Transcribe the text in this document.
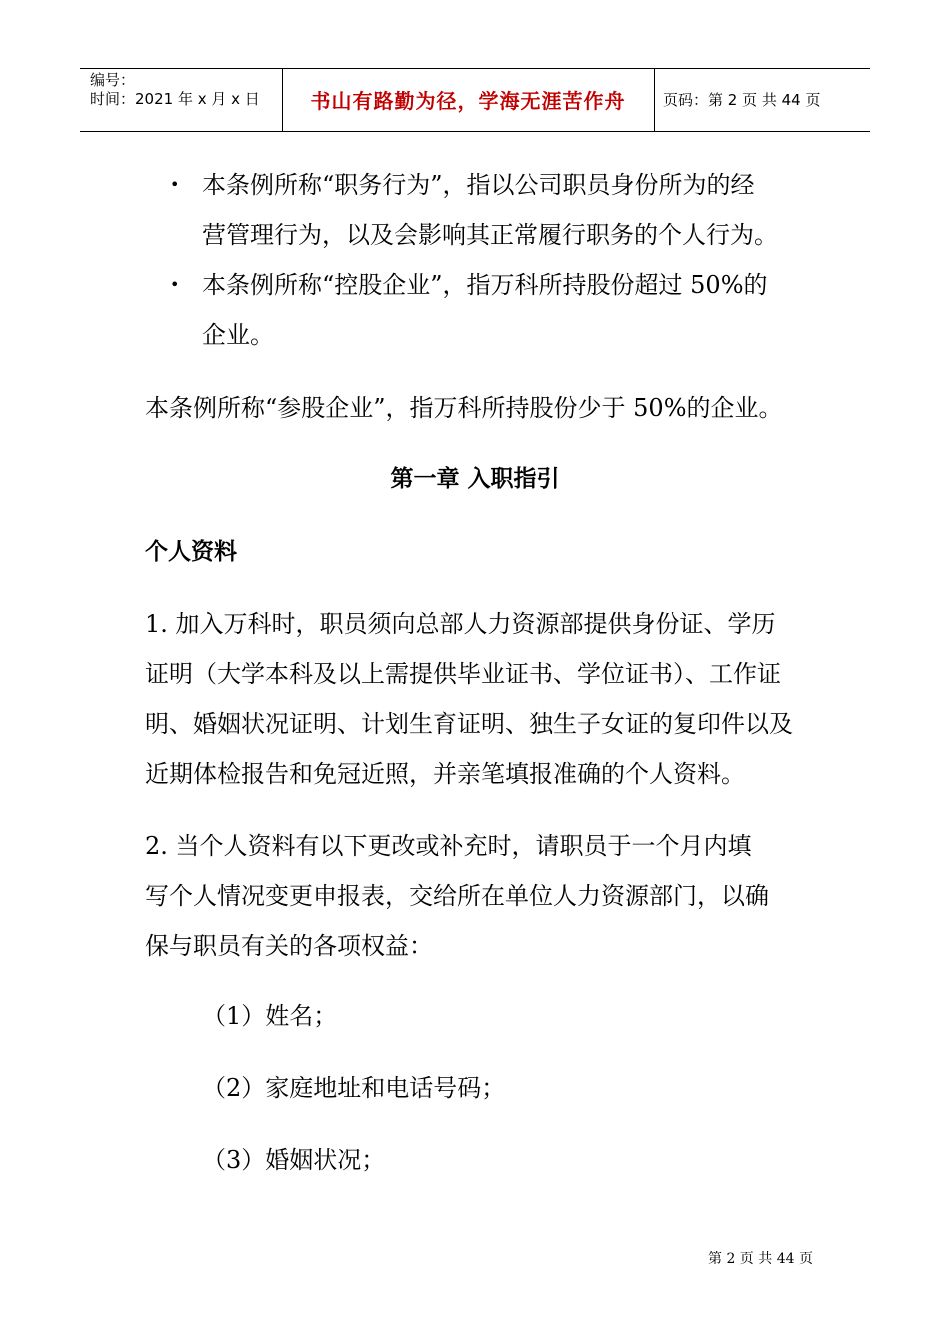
编号：
时间：2021 年 x 月 x 日	书山有路勤为径，学海无涯苦作舟	页码：第 2 页 共 44 页
• 本条例所称“职务行为”，指以公司职员身份所为的经
营管理行为，以及会影响其正常履行职务的个人行为。
• 本条例所称“控股企业”，指万科所持股份超过 50%的
企业。
本条例所称“参股企业”，指万科所持股份少于 50%的企业。
第一章 入职指引
个人资料
1. 加入万科时，职员须向总部人力资源部提供身份证、学历
证明（大学本科及以上需提供毕业证书、学位证书）、工作证
明、婚姻状况证明、计划生育证明、独生子女证的复印件以及
近期体检报告和免冠近照，并亲笔填报准确的个人资料。
2. 当个人资料有以下更改或补充时，请职员于一个月内填
写个人情况变更申报表，交给所在单位人力资源部门，以确
保与职员有关的各项权益：
（1）姓名；
（2）家庭地址和电话号码；
（3）婚姻状况；
第 2 页 共 44 页
